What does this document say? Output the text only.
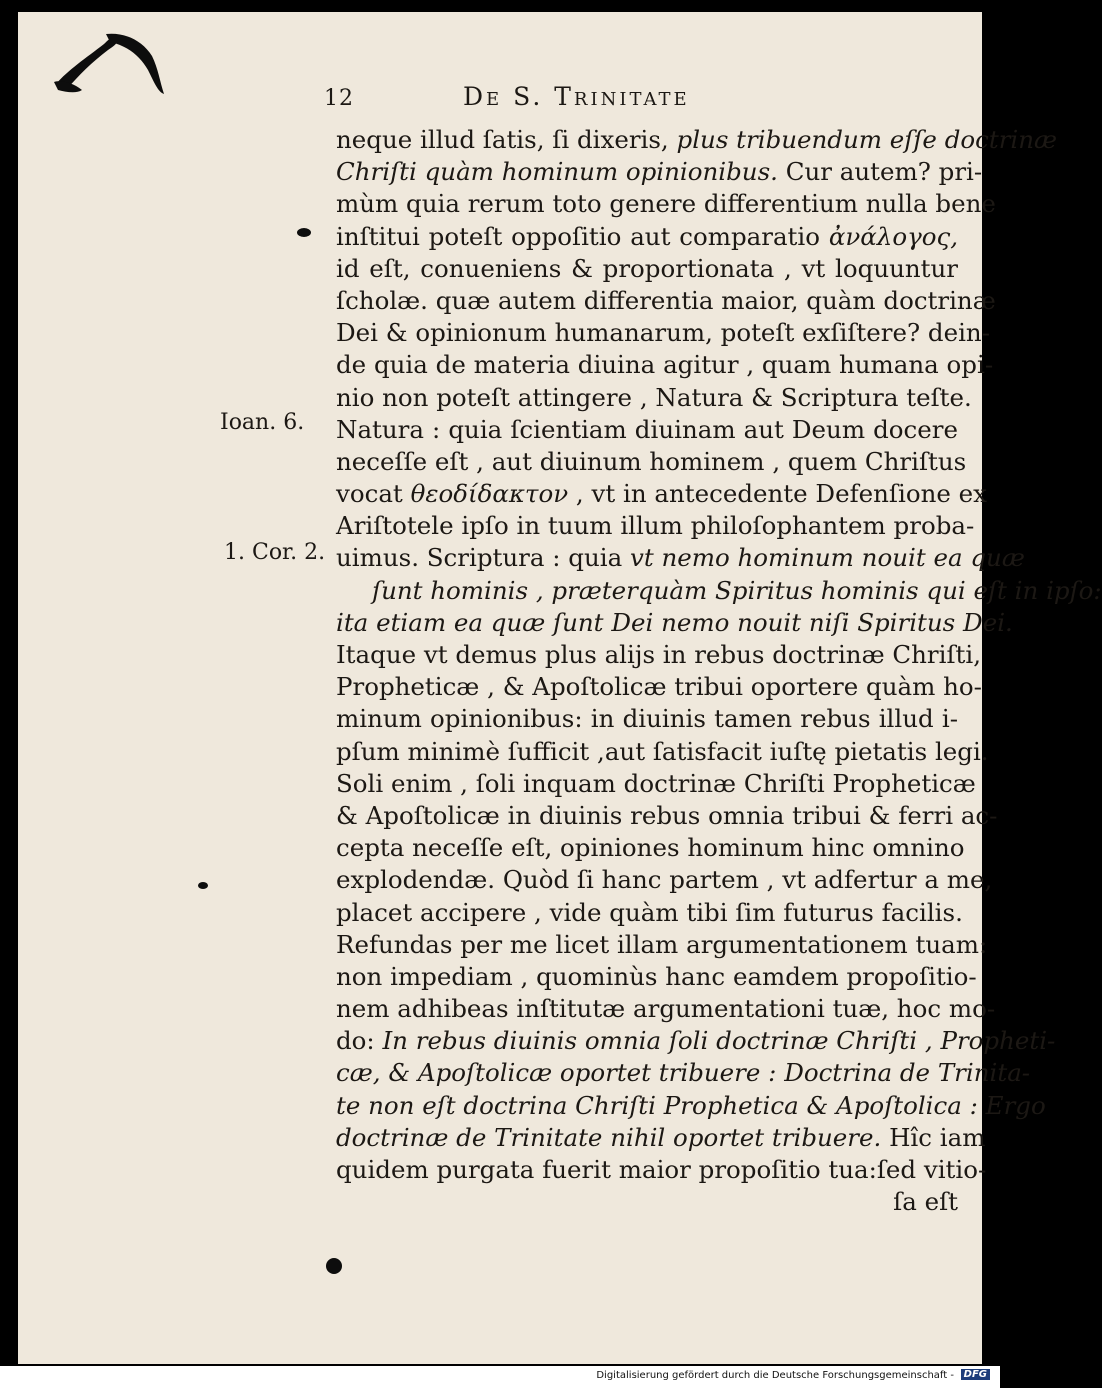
12	De S. Trinitate
Ioan. 6.
1. Cor. 2.
neque illud ſatis, ſi dixeris, plus tribuendum eſſe doctrinæ
Chriſti quàm hominum opinionibus. Cur autem? pri-
mùm quia rerum toto genere differentium nulla bene
inſtitui poteſt oppoſitio aut comparatio ἀνάλογος,
id eſt, conueniens & proportionata , vt loquuntur
ſcholæ. quæ autem differentia maior, quàm doctrinæ
Dei & opinionum humanarum, poteſt exſiſtere? dein-
de quia de materia diuina agitur , quam humana opi-
nio non poteſt attingere , Natura & Scriptura teſte.
Natura : quia ſcientiam diuinam aut Deum docere
neceſſe eſt , aut diuinum hominem , quem Chriſtus
vocat θεοδίδακτον , vt in antecedente Defenſione ex
Ariſtotele ipſo in tuum illum philoſophantem proba-
uimus. Scriptura : quia vt nemo hominum nouit ea quæ
ſunt hominis , præterquàm Spiritus hominis qui eſt in ipſo:
ita etiam ea quæ ſunt Dei nemo nouit niſi Spiritus Dei.
Itaque vt demus plus alijs in rebus doctrinæ Chriſti,
Propheticæ , & Apoſtolicæ tribui oportere quàm ho-
minum opinionibus: in diuinis tamen rebus illud i-
pſum minimè ſufficit ,aut ſatisfacit iuſtę pietatis legi.
Soli enim , ſoli inquam doctrinæ Chriſti Propheticæ
& Apoſtolicæ in diuinis rebus omnia tribui & ferri ac-
cepta neceſſe eſt, opiniones hominum hinc omnino
explodendæ. Quòd ſi hanc partem , vt adfertur a me,
placet accipere , vide quàm tibi ſim futurus facilis.
Refundas per me licet illam argumentationem tuam:
non impediam , quominùs hanc eamdem propoſitio-
nem adhibeas inſtitutæ argumentationi tuæ, hoc mo-
do: In rebus diuinis omnia ſoli doctrinæ Chriſti , Propheti-
cæ, & Apoſtolicæ oportet tribuere : Doctrina de Trinita-
te non eſt doctrina Chriſti Prophetica & Apoſtolica : Ergo
doctrinæ de Trinitate nihil oportet tribuere. Hîc iam
quidem purgata fuerit maior propoſitio tua:ſed vitio-
ſa eſt
Digitalisierung gefördert durch die Deutsche Forschungsgemeinschaft - DFG
